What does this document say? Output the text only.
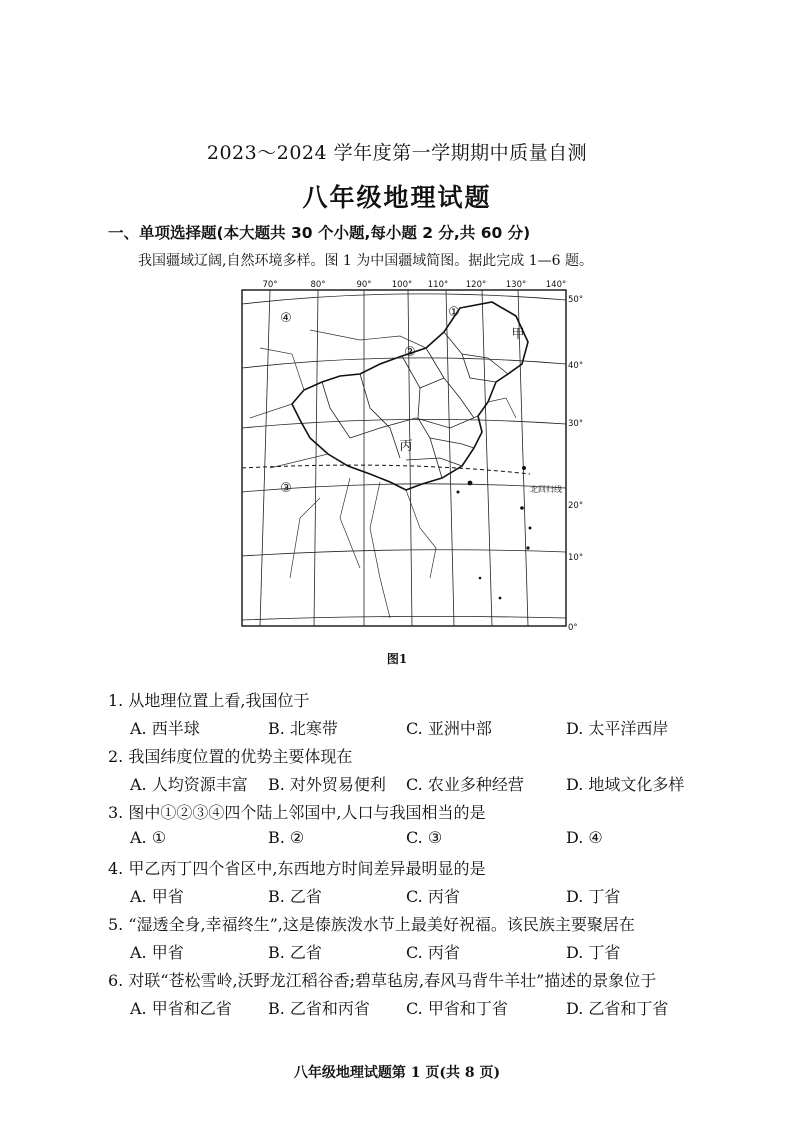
2023～2024 学年度第一学期期中质量自测
八年级地理试题
一、单项选择题(本大题共 30 个小题,每小题 2 分,共 60 分)
我国疆域辽阔,自然环境多样。图 1 为中国疆域简图。据此完成 1—6 题。
70°	80°	90° 100° 110° 120° 130° 140°
50°
40°
30°
20°
10°
0°
①
②
③
④
甲
丙
北回归线
图1
1. 从地理位置上看,我国位于
A. 西半球	B. 北寒带	C. 亚洲中部	D. 太平洋西岸
2. 我国纬度位置的优势主要体现在
A. 人均资源丰富 B. 对外贸易便利 C. 农业多种经营	D. 地域文化多样
3. 图中①②③④四个陆上邻国中,人口与我国相当的是
A. ①	B. ②	C. ③	D. ④
4. 甲乙丙丁四个省区中,东西地方时间差异最明显的是
A. 甲省	B. 乙省	C. 丙省	D. 丁省
5. “湿透全身,幸福终生”,这是傣族泼水节上最美好祝福。该民族主要聚居在
A. 甲省	B. 乙省	C. 丙省	D. 丁省
6. 对联“苍松雪岭,沃野龙江稻谷香;碧草毡房,春风马背牛羊壮”描述的景象位于
A. 甲省和乙省 B. 乙省和丙省 C. 甲省和丁省	D. 乙省和丁省
八年级地理试题第 1 页(共 8 页)
